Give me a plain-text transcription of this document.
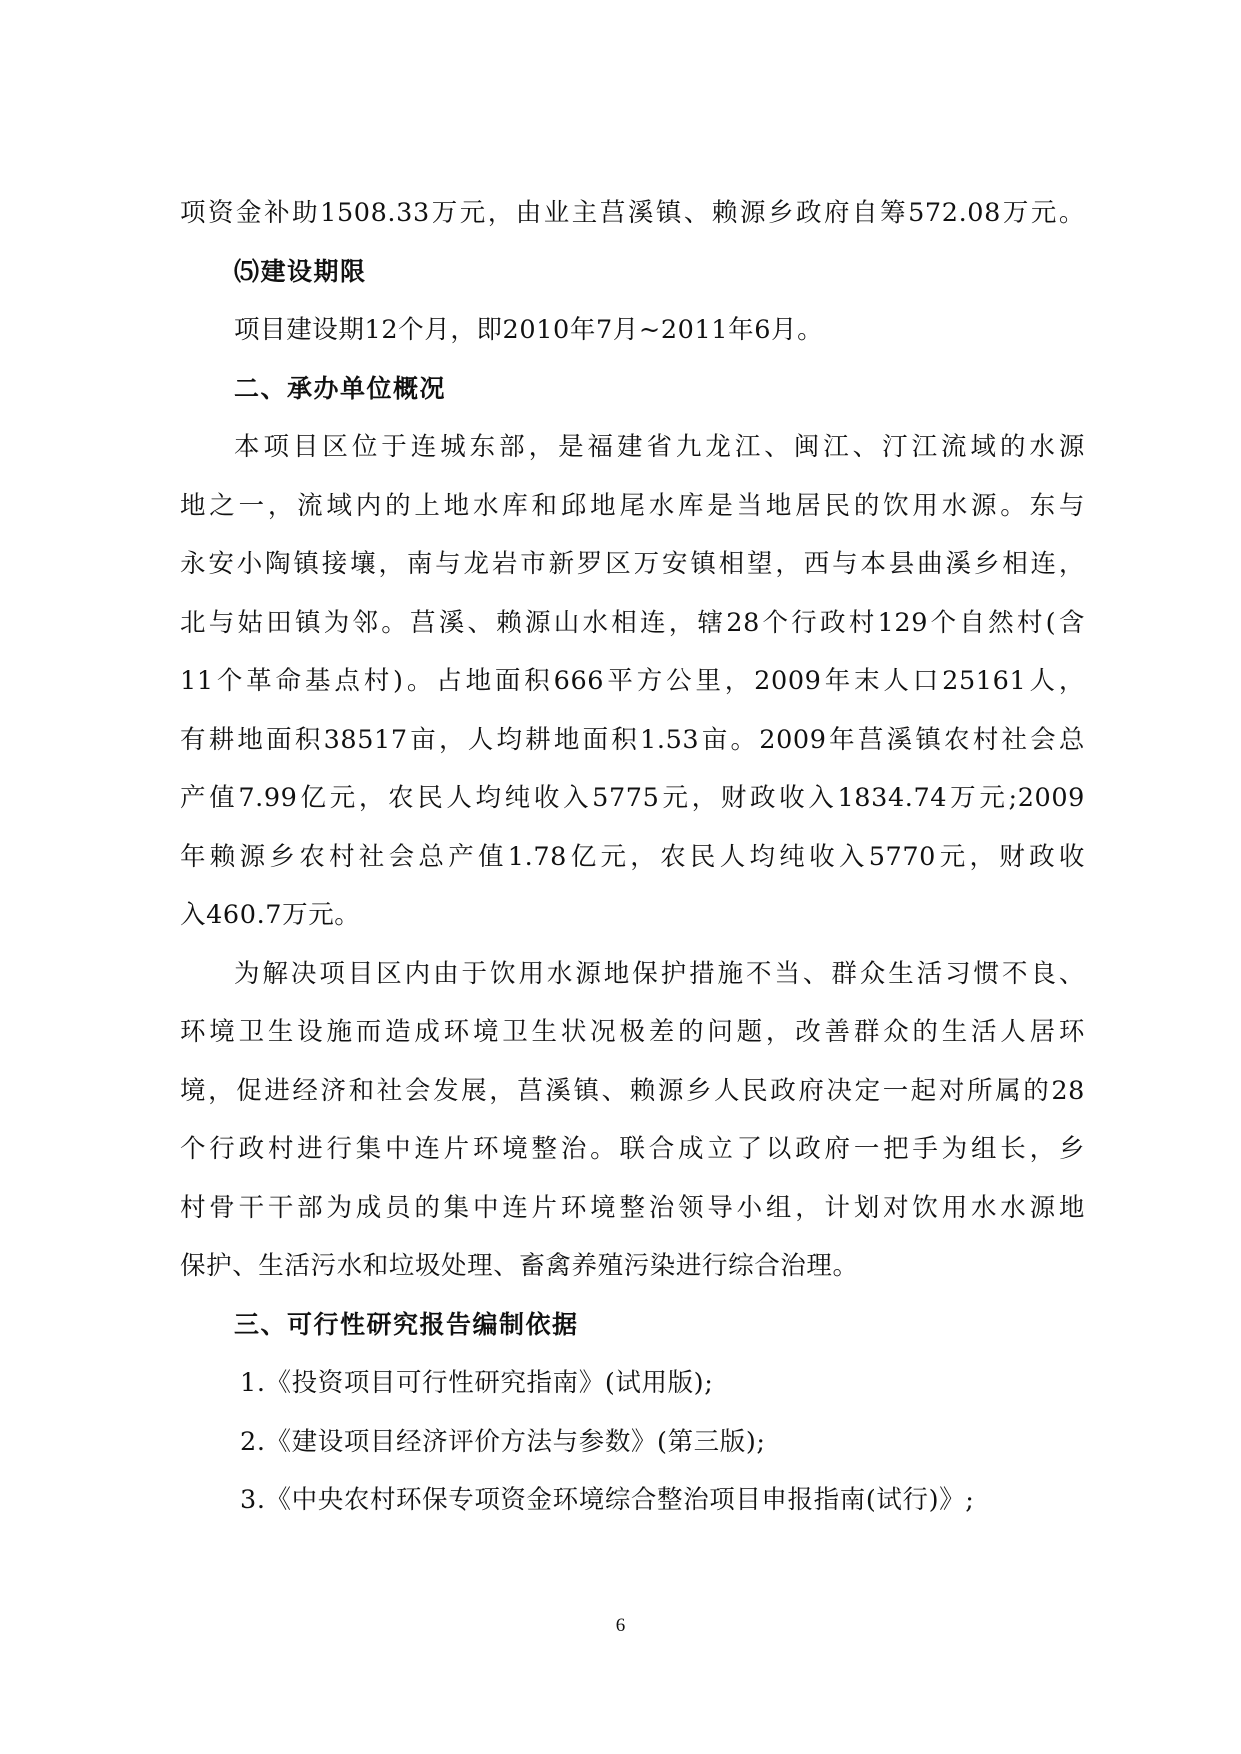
项资金补助1508.33万元，由业主莒溪镇、赖源乡政府自筹572.08万元。
⑸建设期限
项目建设期12个月，即2010年7月~2011年6月。
二、承办单位概况
本项目区位于连城东部，是福建省九龙江、闽江、汀江流域的水源
地之一，流域内的上地水库和邱地尾水库是当地居民的饮用水源。东与
永安小陶镇接壤，南与龙岩市新罗区万安镇相望，西与本县曲溪乡相连，
北与姑田镇为邻。莒溪、赖源山水相连，辖28个行政村129个自然村(含
11个革命基点村)。占地面积666平方公里，2009年末人口25161人，
有耕地面积38517亩，人均耕地面积1.53亩。2009年莒溪镇农村社会总
产值7.99亿元，农民人均纯收入5775元，财政收入1834.74万元;2009
年赖源乡农村社会总产值1.78亿元，农民人均纯收入5770元，财政收
入460.7万元。
为解决项目区内由于饮用水源地保护措施不当、群众生活习惯不良、
环境卫生设施而造成环境卫生状况极差的问题，改善群众的生活人居环
境，促进经济和社会发展，莒溪镇、赖源乡人民政府决定一起对所属的28
个行政村进行集中连片环境整治。联合成立了以政府一把手为组长，乡
村骨干干部为成员的集中连片环境整治领导小组，计划对饮用水水源地
保护、生活污水和垃圾处理、畜禽养殖污染进行综合治理。
三、可行性研究报告编制依据
1.《投资项目可行性研究指南》(试用版);
2.《建设项目经济评价方法与参数》(第三版);
3.《中央农村环保专项资金环境综合整治项目申报指南(试行)》;
6
